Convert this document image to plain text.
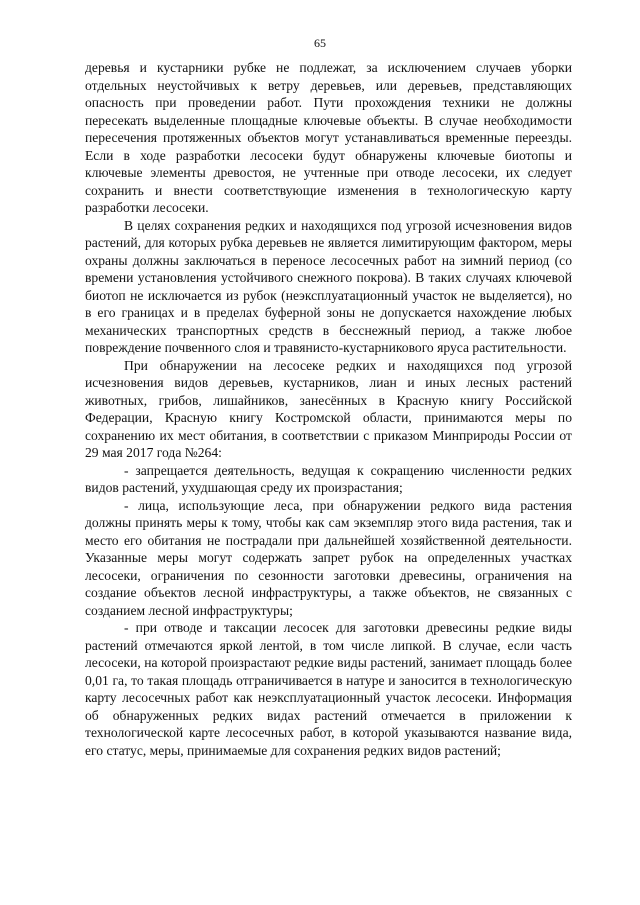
65

деревья и кустарники рубке не подлежат, за исключением случаев уборки отдельных неустойчивых к ветру деревьев, или деревьев, представляющих опасность при проведении работ. Пути прохождения техники не должны пересекать выделенные площадные ключевые объекты. В случае необходимости пересечения протяженных объектов могут устанавливаться временные переезды. Если в ходе разработки лесосеки будут обнаружены ключевые биотопы и ключевые элементы древостоя, не учтенные при отводе лесосеки, их следует сохранить и внести соответствующие изменения в технологическую карту разработки лесосеки.

В целях сохранения редких и находящихся под угрозой исчезновения видов растений, для которых рубка деревьев не является лимитирующим фактором, меры охраны должны заключаться в переносе лесосечных работ на зимний период (со времени установления устойчивого снежного покрова). В таких случаях ключевой биотоп не исключается из рубок (неэксплуатационный участок не выделяется), но в его границах и в пределах буферной зоны не допускается нахождение любых механических транспортных средств в бесснежный период, а также любое повреждение почвенного слоя и травянисто-кустарникового яруса растительности.

При обнаружении на лесосеке редких и находящихся под угрозой исчезновения видов деревьев, кустарников, лиан и иных лесных растений животных, грибов, лишайников, занесённых в Красную книгу Российской Федерации, Красную книгу Костромской области, принимаются меры по сохранению их мест обитания, в соответствии с приказом Минприроды России от 29 мая 2017 года №264:

- запрещается деятельность, ведущая к сокращению численности редких видов растений, ухудшающая среду их произрастания;

- лица, использующие леса, при обнаружении редкого вида растения должны принять меры к тому, чтобы как сам экземпляр этого вида растения, так и место его обитания не пострадали при дальнейшей хозяйственной деятельности. Указанные меры могут содержать запрет рубок на определенных участках лесосеки, ограничения по сезонности заготовки древесины, ограничения на создание объектов лесной инфраструктуры, а также объектов, не связанных с созданием лесной инфраструктуры;

- при отводе и таксации лесосек для заготовки древесины редкие виды растений отмечаются яркой лентой, в том числе липкой. В случае, если часть лесосеки, на которой произрастают редкие виды растений, занимает площадь более 0,01 га, то такая площадь отграничивается в натуре и заносится в технологическую карту лесосечных работ как неэксплуатационный участок лесосеки. Информация об обнаруженных редких видах растений отмечается в приложении к технологической карте лесосечных работ, в которой указываются название вида, его статус, меры, принимаемые для сохранения редких видов растений;
